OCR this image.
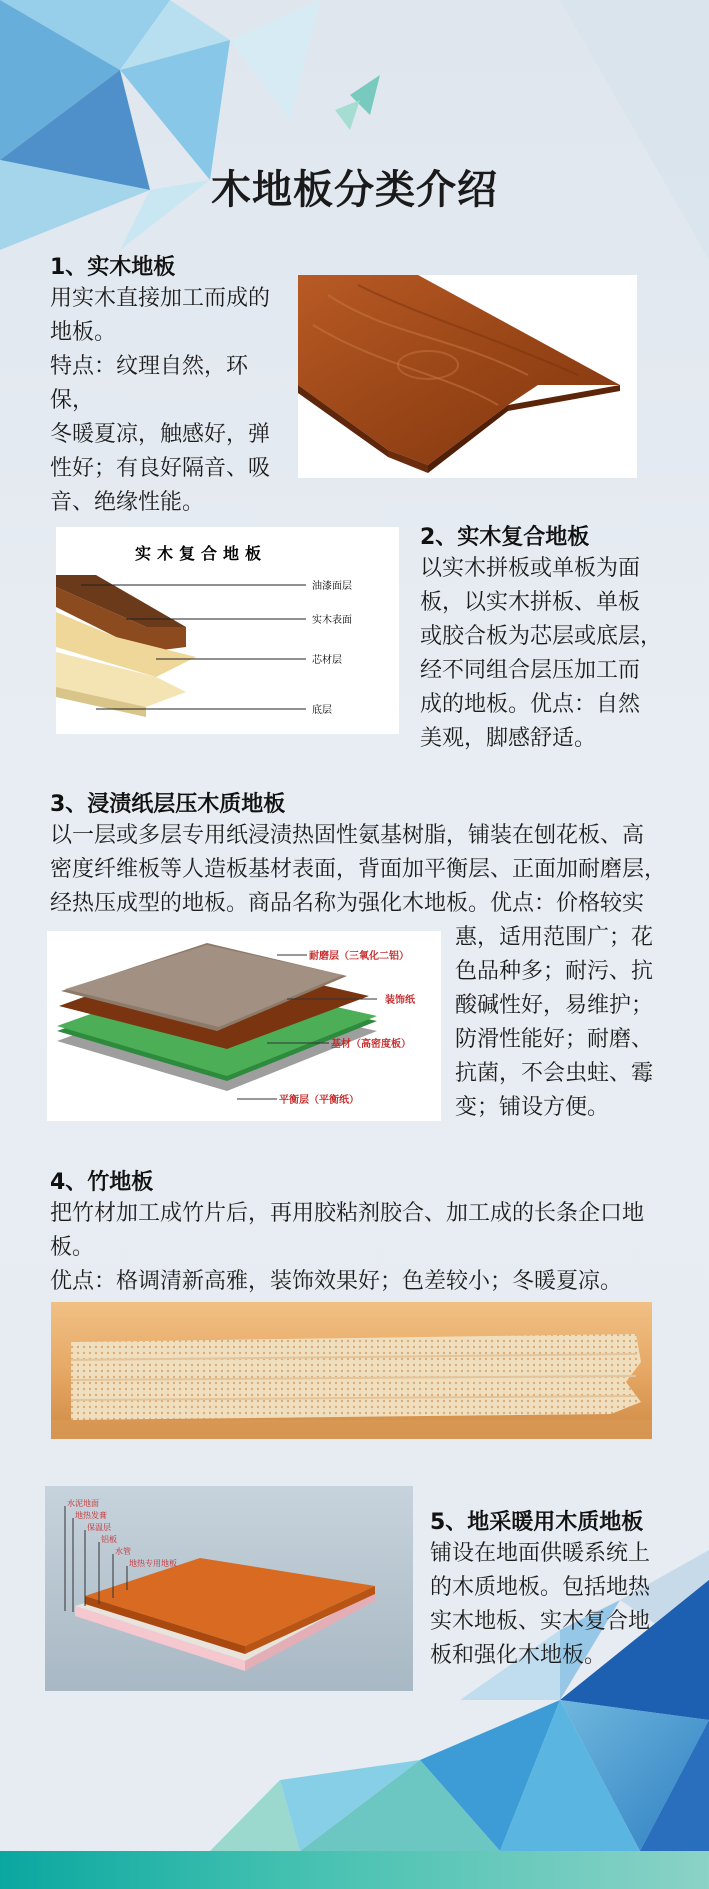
木地板分类介绍
1、实木地板
用实木直接加工而成的
地板。
特点：纹理自然，环保，
冬暖夏凉，触感好，弹
性好；有良好隔音、吸
音、绝缘性能。
实木复合地板
油漆面层
实木表面
芯材层
底层
2、实木复合地板
以实木拼板或单板为面
板，以实木拼板、单板
或胶合板为芯层或底层，
经不同组合层压加工而
成的地板。优点：自然
美观，脚感舒适。
3、浸渍纸层压木质地板
以一层或多层专用纸浸渍热固性氨基树脂，铺装在刨花板、高
密度纤维板等人造板基材表面，背面加平衡层、正面加耐磨层，
经热压成型的地板。商品名称为强化木地板。优点：价格较实
耐磨层（三氧化二铝）
装饰纸
基材（高密度板）
平衡层（平衡纸）
惠，适用范围广；花
色品种多；耐污、抗
酸碱性好，易维护；
防滑性能好；耐磨、
抗菌，不会虫蛀、霉
变；铺设方便。
4、竹地板
把竹材加工成竹片后，再用胶粘剂胶合、加工成的长条企口地
板。
优点：格调清新高雅，装饰效果好；色差较小；冬暖夏凉。
水泥地面
地热发膏
保温层
铝板
水管
地热专用地板
5、地采暖用木质地板
铺设在地面供暖系统上
的木质地板。包括地热
实木地板、实木复合地
板和强化木地板。
